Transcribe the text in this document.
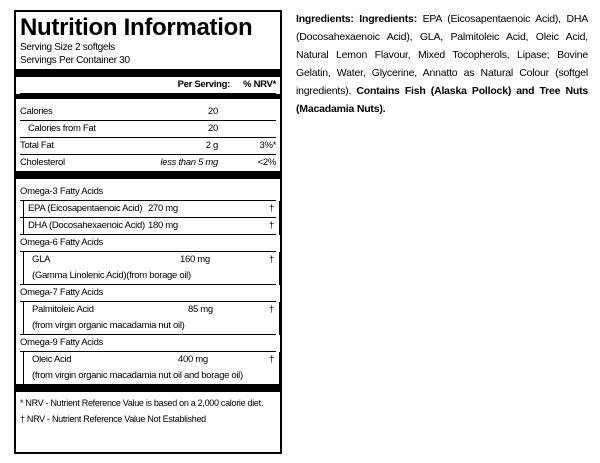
Nutrition Information
Serving Size 2 softgels
Servings Per Container 30
Per Serving:	% NRV*
Calories	20
Calories from Fat	20
Total Fat	2 g	3%*
Cholesterol	less than 5 mg	<2%
Omega-3 Fatty Acids
EPA (Eicosapentaenoic Acid) 270 mg	†
DHA (Docosahexaenoic Acid) 180 mg	†
Omega-6 Fatty Acids
GLA	160 mg	†
(Gamma Linolenic Acid)(from borage oil)
Omega-7 Fatty Acids
Palmitoleic Acid	85 mg	†
(from virgin organic macadamia nut oil)
Omega-9 Fatty Acids
Oleic Acid	400 mg	†
(from virgin organic macadamia nut oil and borage oil)
* NRV - Nutrient Reference Value is based on a 2,000 calorie diet.
† NRV - Nutrient Reference Value Not Established
Ingredients: Ingredients: EPA (Eicosapentaenoic Acid), DHA (Docosahexaenoic Acid), GLA, Palmitoleic Acid, Oleic Acid, Natural Lemon Flavour, Mixed Tocopherols, Lipase; Bovine Gelatin, Water, Glycerine, Annatto as Natural Colour (softgel ingredients). Contains Fish (Alaska Pollock) and Tree Nuts (Macadamia Nuts).
